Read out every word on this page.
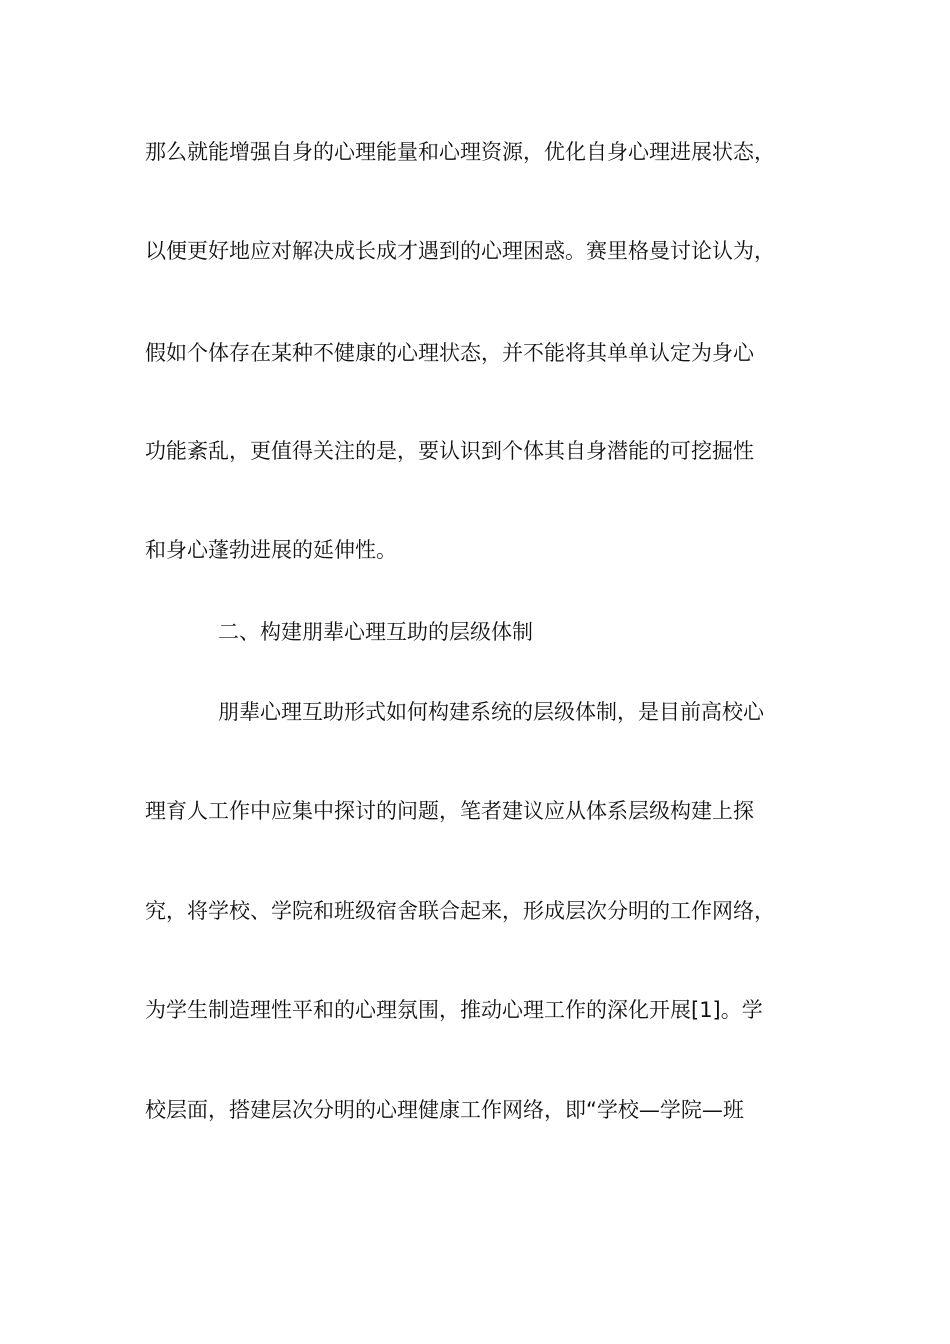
那么就能增强自身的心理能量和心理资源，优化自身心理进展状态，

以便更好地应对解决成长成才遇到的心理困惑。赛里格曼讨论认为，

假如个体存在某种不健康的心理状态，并不能将其单单认定为身心

功能紊乱，更值得关注的是，要认识到个体其自身潜能的可挖掘性

和身心蓬勃进展的延伸性。

二、构建朋辈心理互助的层级体制

朋辈心理互助形式如何构建系统的层级体制，是目前高校心

理育人工作中应集中探讨的问题，笔者建议应从体系层级构建上探

究，将学校、学院和班级宿舍联合起来，形成层次分明的工作网络，

为学生制造理性平和的心理氛围，推动心理工作的深化开展[1]。学

校层面，搭建层次分明的心理健康工作网络，即“学校—学院—班
